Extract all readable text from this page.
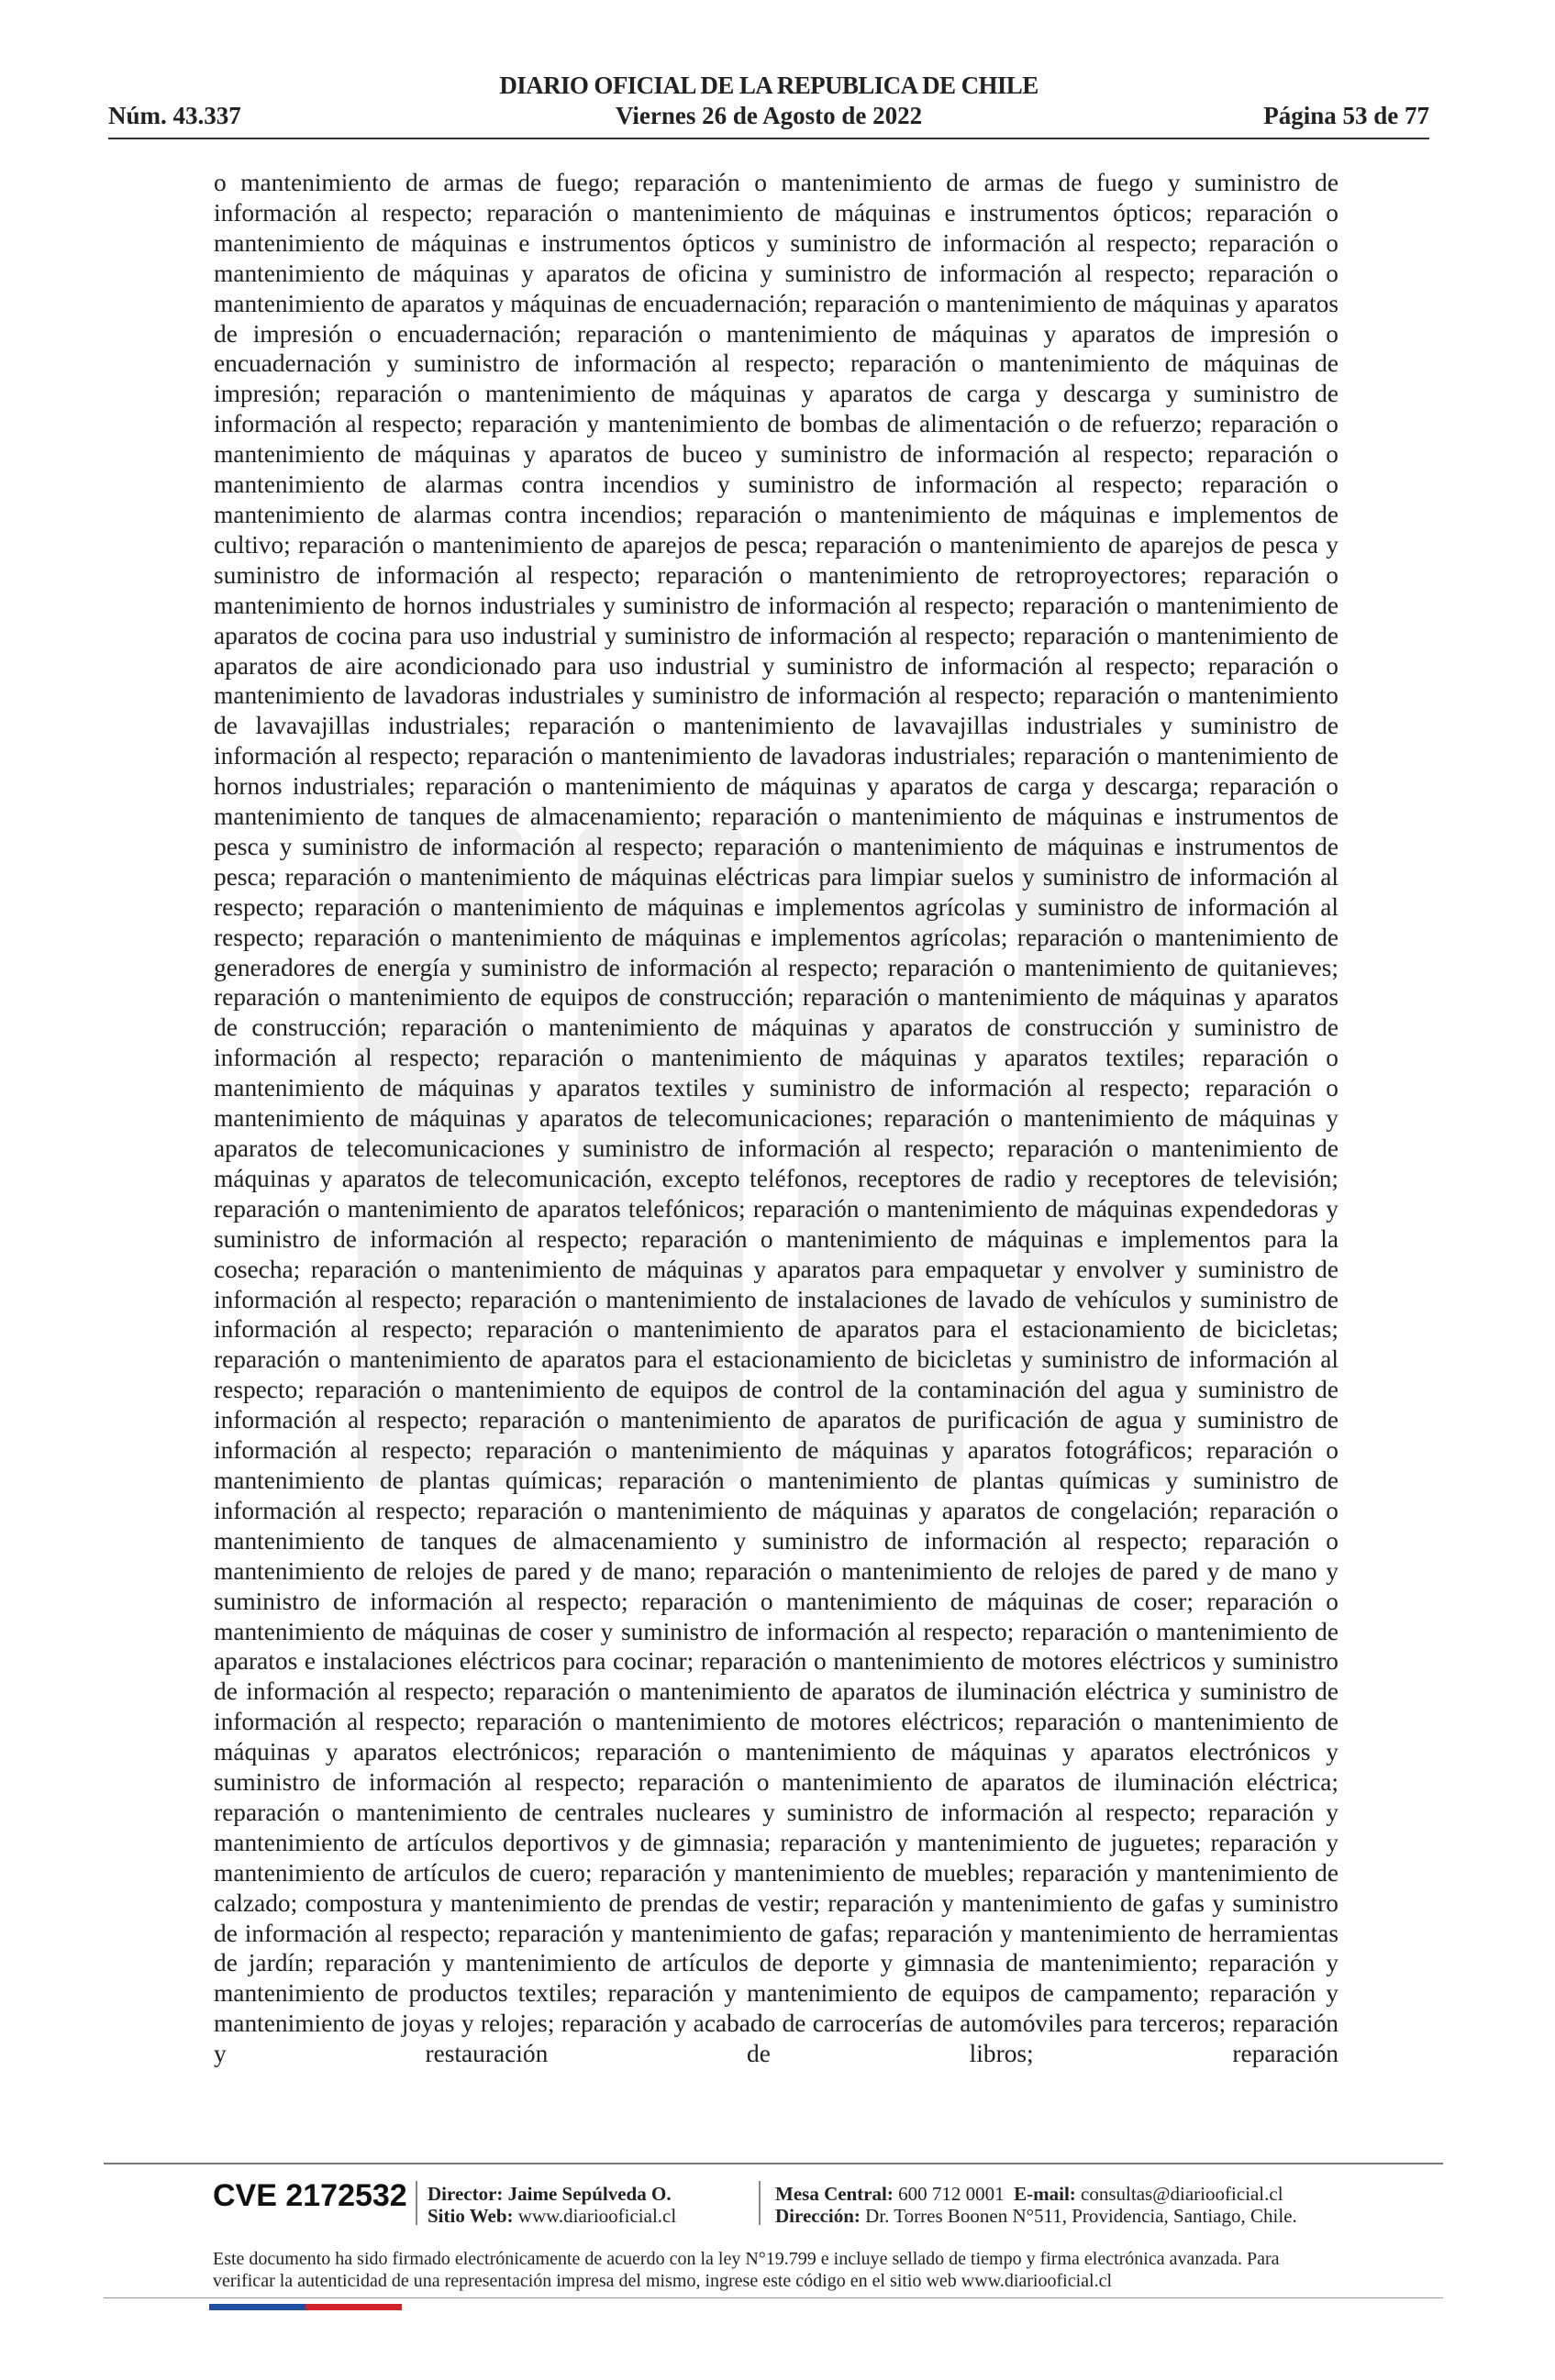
DIARIO OFICIAL DE LA REPUBLICA DE CHILE
Núm. 43.337	Viernes 26 de Agosto de 2022	Página 53 de 77
o mantenimiento de armas de fuego; reparación o mantenimiento de armas de fuego y suministro de información al respecto; reparación o mantenimiento de máquinas e instrumentos ópticos; reparación o mantenimiento de máquinas e instrumentos ópticos y suministro de información al respecto; reparación o mantenimiento de máquinas y aparatos de oficina y suministro de información al respecto; reparación o mantenimiento de aparatos y máquinas de encuadernación; reparación o mantenimiento de máquinas y aparatos de impresión o encuadernación; reparación o mantenimiento de máquinas y aparatos de impresión o encuadernación y suministro de información al respecto; reparación o mantenimiento de máquinas de impresión; reparación o mantenimiento de máquinas y aparatos de carga y descarga y suministro de información al respecto; reparación y mantenimiento de bombas de alimentación o de refuerzo; reparación o mantenimiento de máquinas y aparatos de buceo y suministro de información al respecto; reparación o mantenimiento de alarmas contra incendios y suministro de información al respecto; reparación o mantenimiento de alarmas contra incendios; reparación o mantenimiento de máquinas e implementos de cultivo; reparación o mantenimiento de aparejos de pesca; reparación o mantenimiento de aparejos de pesca y suministro de información al respecto; reparación o mantenimiento de retroproyectores; reparación o mantenimiento de hornos industriales y suministro de información al respecto; reparación o mantenimiento de aparatos de cocina para uso industrial y suministro de información al respecto; reparación o mantenimiento de aparatos de aire acondicionado para uso industrial y suministro de información al respecto; reparación o mantenimiento de lavadoras industriales y suministro de información al respecto; reparación o mantenimiento de lavavajillas industriales; reparación o mantenimiento de lavavajillas industriales y suministro de información al respecto; reparación o mantenimiento de lavadoras industriales; reparación o mantenimiento de hornos industriales; reparación o mantenimiento de máquinas y aparatos de carga y descarga; reparación o mantenimiento de tanques de almacenamiento; reparación o mantenimiento de máquinas e instrumentos de pesca y suministro de información al respecto; reparación o mantenimiento de máquinas e instrumentos de pesca; reparación o mantenimiento de máquinas eléctricas para limpiar suelos y suministro de información al respecto; reparación o mantenimiento de máquinas e implementos agrícolas y suministro de información al respecto; reparación o mantenimiento de máquinas e implementos agrícolas; reparación o mantenimiento de generadores de energía y suministro de información al respecto; reparación o mantenimiento de quitanieves; reparación o mantenimiento de equipos de construcción; reparación o mantenimiento de máquinas y aparatos de construcción; reparación o mantenimiento de máquinas y aparatos de construcción y suministro de información al respecto; reparación o mantenimiento de máquinas y aparatos textiles; reparación o mantenimiento de máquinas y aparatos textiles y suministro de información al respecto; reparación o mantenimiento de máquinas y aparatos de telecomunicaciones; reparación o mantenimiento de máquinas y aparatos de telecomunicaciones y suministro de información al respecto; reparación o mantenimiento de máquinas y aparatos de telecomunicación, excepto teléfonos, receptores de radio y receptores de televisión; reparación o mantenimiento de aparatos telefónicos; reparación o mantenimiento de máquinas expendedoras y suministro de información al respecto; reparación o mantenimiento de máquinas e implementos para la cosecha; reparación o mantenimiento de máquinas y aparatos para empaquetar y envolver y suministro de información al respecto; reparación o mantenimiento de instalaciones de lavado de vehículos y suministro de información al respecto; reparación o mantenimiento de aparatos para el estacionamiento de bicicletas; reparación o mantenimiento de aparatos para el estacionamiento de bicicletas y suministro de información al respecto; reparación o mantenimiento de equipos de control de la contaminación del agua y suministro de información al respecto; reparación o mantenimiento de aparatos de purificación de agua y suministro de información al respecto; reparación o mantenimiento de máquinas y aparatos fotográficos; reparación o mantenimiento de plantas químicas; reparación o mantenimiento de plantas químicas y suministro de información al respecto; reparación o mantenimiento de máquinas y aparatos de congelación; reparación o mantenimiento de tanques de almacenamiento y suministro de información al respecto; reparación o mantenimiento de relojes de pared y de mano; reparación o mantenimiento de relojes de pared y de mano y suministro de información al respecto; reparación o mantenimiento de máquinas de coser; reparación o mantenimiento de máquinas de coser y suministro de información al respecto; reparación o mantenimiento de aparatos e instalaciones eléctricos para cocinar; reparación o mantenimiento de motores eléctricos y suministro de información al respecto; reparación o mantenimiento de aparatos de iluminación eléctrica y suministro de información al respecto; reparación o mantenimiento de motores eléctricos; reparación o mantenimiento de máquinas y aparatos electrónicos; reparación o mantenimiento de máquinas y aparatos electrónicos y suministro de información al respecto; reparación o mantenimiento de aparatos de iluminación eléctrica; reparación o mantenimiento de centrales nucleares y suministro de información al respecto; reparación y mantenimiento de artículos deportivos y de gimnasia; reparación y mantenimiento de juguetes; reparación y mantenimiento de artículos de cuero; reparación y mantenimiento de muebles; reparación y mantenimiento de calzado; compostura y mantenimiento de prendas de vestir; reparación y mantenimiento de gafas y suministro de información al respecto; reparación y mantenimiento de gafas; reparación y mantenimiento de herramientas de jardín; reparación y mantenimiento de artículos de deporte y gimnasia de mantenimiento; reparación y mantenimiento de productos textiles; reparación y mantenimiento de equipos de campamento; reparación y mantenimiento de joyas y relojes; reparación y acabado de carrocerías de automóviles para terceros; reparación y restauración de libros; reparación
CVE 2172532 Director: Jaime Sepúlveda O.
Sitio Web: www.diariooficial.cl
Mesa Central: 600 712 0001 E-mail: consultas@diariooficial.cl
Dirección: Dr. Torres Boonen N°511, Providencia, Santiago, Chile.
Este documento ha sido firmado electrónicamente de acuerdo con la ley N°19.799 e incluye sellado de tiempo y firma electrónica avanzada. Para verificar la autenticidad de una representación impresa del mismo, ingrese este código en el sitio web www.diariooficial.cl
